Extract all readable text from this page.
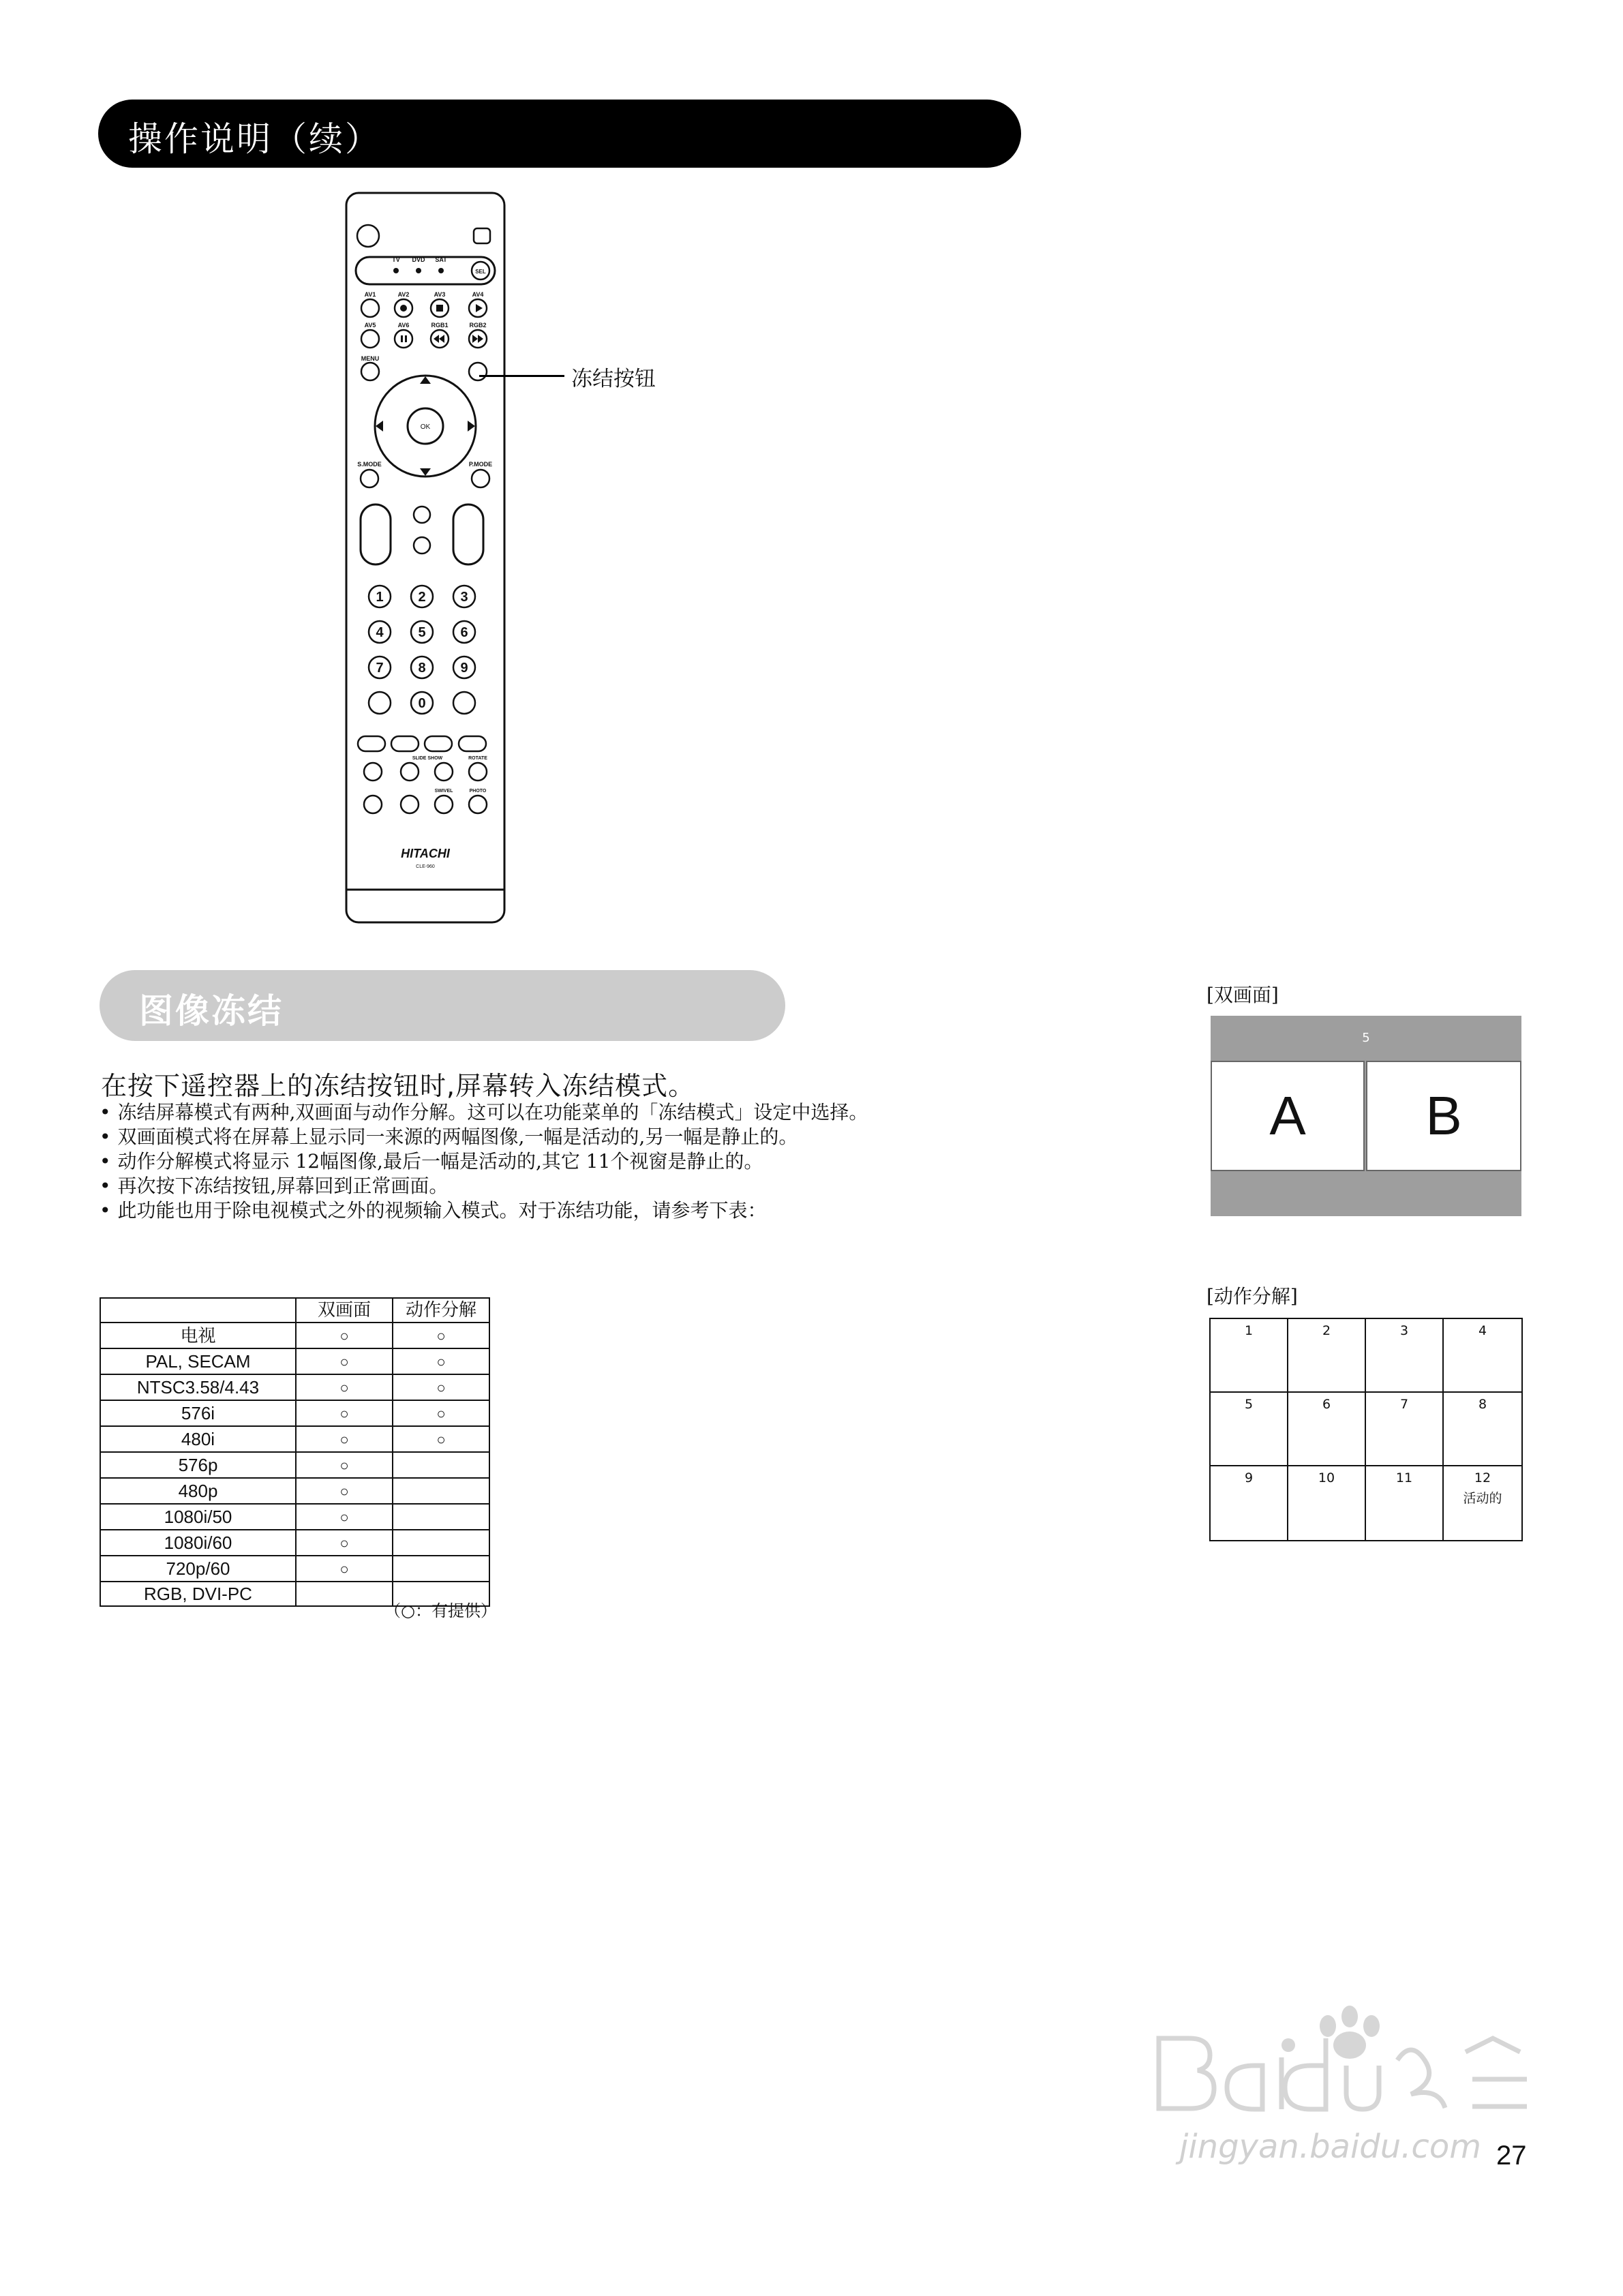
操作说明（续）
TV DVD SAT
SEL
AV1	AV2	AV3	AV4
AV5	AV6	RGB1	RGB2
MENU
OK
S.MODE	P.MODE
1	2	3
4	5	6
7	8	9
0
SLIDE SHOW	ROTATE
SWIVEL	PHOTO
HITACHI
CLE-960
冻结按钮
图像冻结
在按下遥控器上的冻结按钮时,屏幕转入冻结模式。
• 冻结屏幕模式有两种,双画面与动作分解。这可以在功能菜单的「冻结模式」设定中选择。
• 双画面模式将在屏幕上显示同一来源的两幅图像,一幅是活动的,另一幅是静止的。
• 动作分解模式将显示 12幅图像,最后一幅是活动的,其它 11个视窗是静止的。
• 再次按下冻结按钮,屏幕回到正常画面。
• 此功能也用于除电视模式之外的视频输入模式。对于冻结功能，请参考下表：
	双画面	动作分解
电视	○	○
PAL, SECAM	○	○
NTSC3.58/4.43	○	○
576i	○	○
480i	○	○
576p	○	
480p	○	
1080i/50	○	
1080i/60	○	
720p/60	○	
RGB, DVI-PC		
（○：有提供）
[双画面]
5
A	B
[动作分解]
1	2	3	4
5	6	7	8
9	10	11	12
活动的
jingyan.baidu.com 27
